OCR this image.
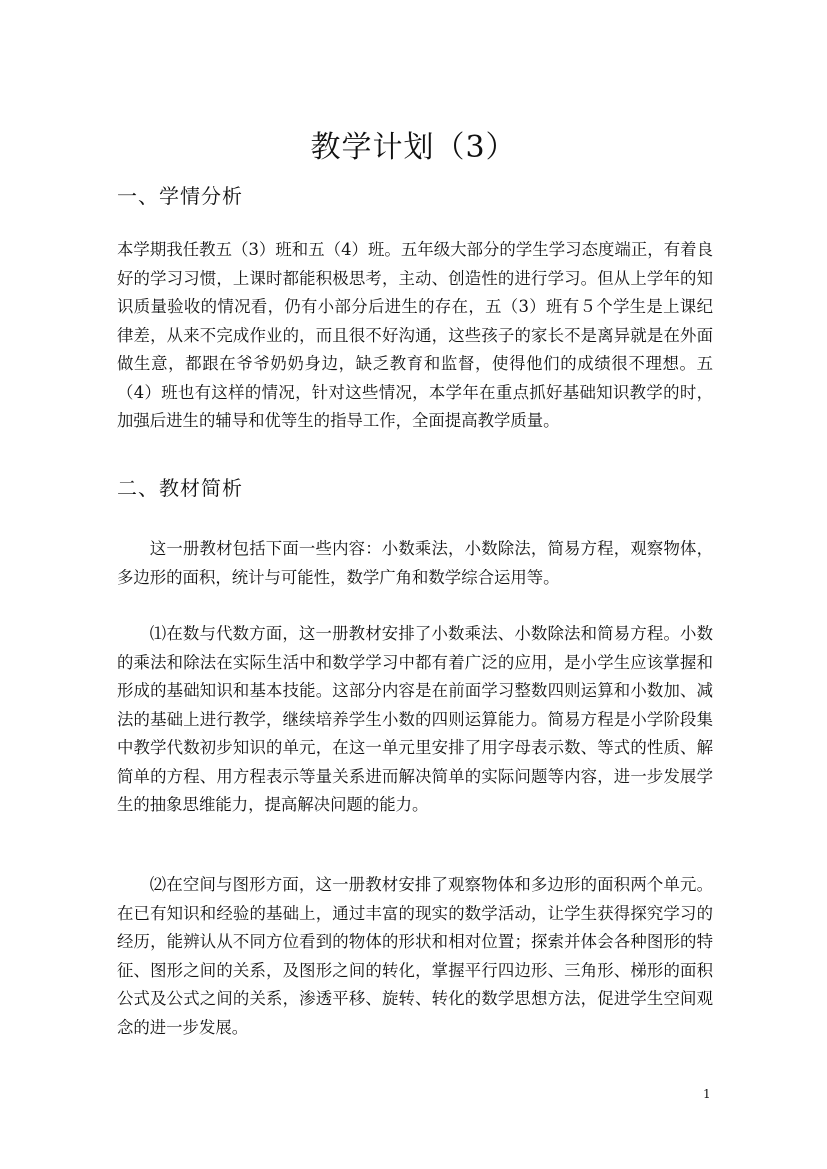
教学计划（3）
一、学情分析

本学期我任教五（3）班和五（4）班。五年级大部分的学生学习态度端正，有着良好的学习习惯，上课时都能积极思考，主动、创造性的进行学习。但从上学年的知识质量验收的情况看，仍有小部分后进生的存在，五（3）班有５个学生是上课纪律差，从来不完成作业的，而且很不好沟通，这些孩子的家长不是离异就是在外面做生意，都跟在爷爷奶奶身边，缺乏教育和监督，使得他们的成绩很不理想。五（4）班也有这样的情况，针对这些情况，本学年在重点抓好基础知识教学的时，加强后进生的辅导和优等生的指导工作，全面提高教学质量。

二、教材简析

这一册教材包括下面一些内容：小数乘法，小数除法，简易方程，观察物体，多边形的面积，统计与可能性，数学广角和数学综合运用等。

⑴在数与代数方面，这一册教材安排了小数乘法、小数除法和简易方程。小数的乘法和除法在实际生活中和数学学习中都有着广泛的应用，是小学生应该掌握和形成的基础知识和基本技能。这部分内容是在前面学习整数四则运算和小数加、减法的基础上进行教学，继续培养学生小数的四则运算能力。简易方程是小学阶段集中教学代数初步知识的单元，在这一单元里安排了用字母表示数、等式的性质、解简单的方程、用方程表示等量关系进而解决简单的实际问题等内容，进一步发展学生的抽象思维能力，提高解决问题的能力。

⑵在空间与图形方面，这一册教材安排了观察物体和多边形的面积两个单元。在已有知识和经验的基础上，通过丰富的现实的数学活动，让学生获得探究学习的经历，能辨认从不同方位看到的物体的形状和相对位置；探索并体会各种图形的特征、图形之间的关系，及图形之间的转化，掌握平行四边形、三角形、梯形的面积公式及公式之间的关系，渗透平移、旋转、转化的数学思想方法，促进学生空间观念的进一步发展。

1
